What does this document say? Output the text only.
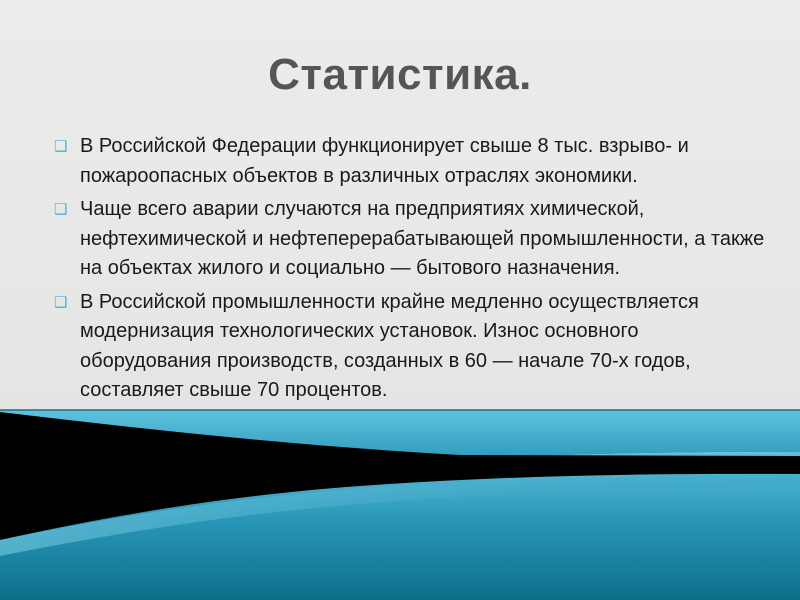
Статистика.
❑ В Российской Федерации функционирует свыше 8 тыс. взрыво- и пожароопасных объектов в различных отраслях экономики.
❑ Чаще всего аварии случаются на предприятиях химической, нефтехимической и нефтеперерабатывающей промышленности, а также на объектах жилого и социально — бытового назначения.
❑ В Российской промышленности крайне медленно осуществляется модернизация технологических установок. Износ основного оборудования производств, созданных в 60 — начале 70-х годов, составляет свыше 70 процентов.
